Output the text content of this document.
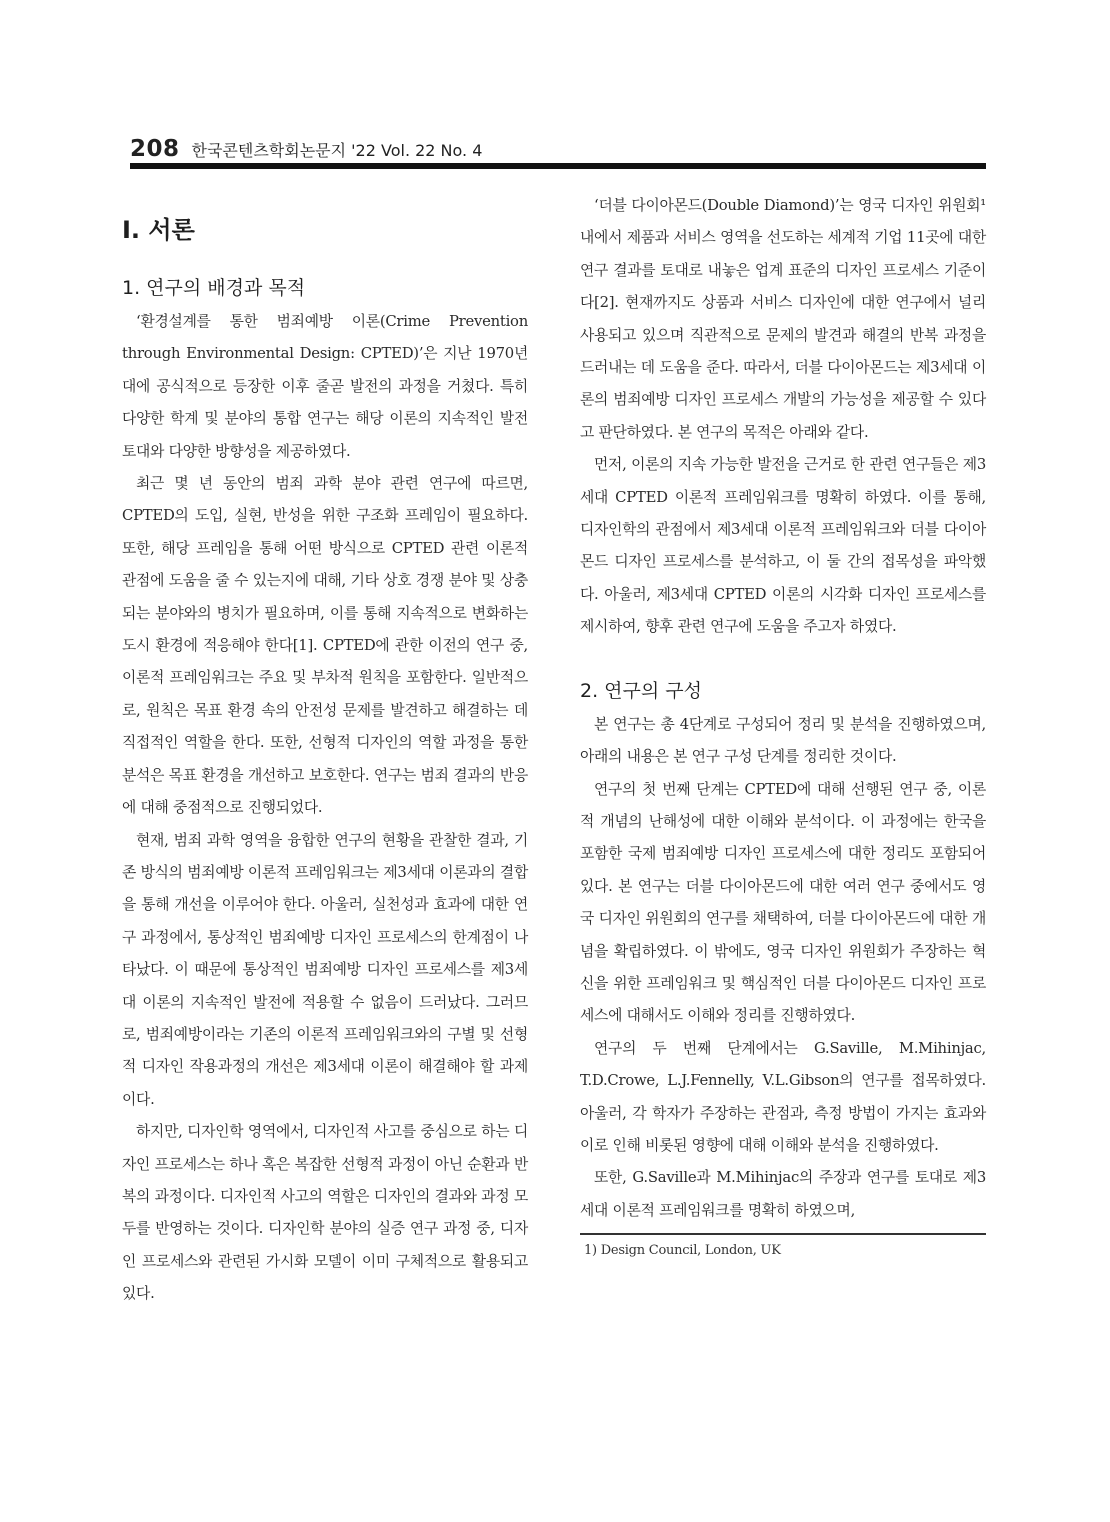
208 한국콘텐츠학회논문지 '22 Vol. 22 No. 4
I. 서론
1. 연구의 배경과 목적

‘환경설계를 통한 범죄예방 이론(Crime Prevention through Environmental Design: CPTED)’은 지난 1970년대에 공식적으로 등장한 이후 줄곧 발전의 과정을 거쳤다. 특히 다양한 학계 및 분야의 통합 연구는 해당 이론의 지속적인 발전 토대와 다양한 방향성을 제공하였다.

최근 몇 년 동안의 범죄 과학 분야 관련 연구에 따르면, CPTED의 도입, 실현, 반성을 위한 구조화 프레임이 필요하다. 또한, 해당 프레임을 통해 어떤 방식으로 CPTED 관련 이론적 관점에 도움을 줄 수 있는지에 대해, 기타 상호 경쟁 분야 및 상충되는 분야와의 병치가 필요하며, 이를 통해 지속적으로 변화하는 도시 환경에 적응해야 한다[1]. CPTED에 관한 이전의 연구 중, 이론적 프레임워크는 주요 및 부차적 원칙을 포함한다. 일반적으로, 원칙은 목표 환경 속의 안전성 문제를 발견하고 해결하는 데 직접적인 역할을 한다. 또한, 선형적 디자인의 역할 과정을 통한 분석은 목표 환경을 개선하고 보호한다. 연구는 범죄 결과의 반응에 대해 중점적으로 진행되었다.

현재, 범죄 과학 영역을 융합한 연구의 현황을 관찰한 결과, 기존 방식의 범죄예방 이론적 프레임워크는 제3세대 이론과의 결합을 통해 개선을 이루어야 한다. 아울러, 실천성과 효과에 대한 연구 과정에서, 통상적인 범죄예방 디자인 프로세스의 한계점이 나타났다. 이 때문에 통상적인 범죄예방 디자인 프로세스를 제3세대 이론의 지속적인 발전에 적용할 수 없음이 드러났다. 그러므로, 범죄예방이라는 기존의 이론적 프레임워크와의 구별 및 선형적 디자인 작용과정의 개선은 제3세대 이론이 해결해야 할 과제이다.

하지만, 디자인학 영역에서, 디자인적 사고를 중심으로 하는 디자인 프로세스는 하나 혹은 복잡한 선형적 과정이 아닌 순환과 반복의 과정이다. 디자인적 사고의 역할은 디자인의 결과와 과정 모두를 반영하는 것이다. 디자인학 분야의 실증 연구 과정 중, 디자인 프로세스와 관련된 가시화 모델이 이미 구체적으로 활용되고 있다.

‘더블 다이아몬드(Double Diamond)’는 영국 디자인 위원회¹ 내에서 제품과 서비스 영역을 선도하는 세계적 기업 11곳에 대한 연구 결과를 토대로 내놓은 업계 표준의 디자인 프로세스 기준이다[2]. 현재까지도 상품과 서비스 디자인에 대한 연구에서 널리 사용되고 있으며 직관적으로 문제의 발견과 해결의 반복 과정을 드러내는 데 도움을 준다. 따라서, 더블 다이아몬드는 제3세대 이론의 범죄예방 디자인 프로세스 개발의 가능성을 제공할 수 있다고 판단하였다. 본 연구의 목적은 아래와 같다.

먼저, 이론의 지속 가능한 발전을 근거로 한 관련 연구들은 제3세대 CPTED 이론적 프레임워크를 명확히 하였다. 이를 통해, 디자인학의 관점에서 제3세대 이론적 프레임워크와 더블 다이아몬드 디자인 프로세스를 분석하고, 이 둘 간의 접목성을 파악했다. 아울러, 제3세대 CPTED 이론의 시각화 디자인 프로세스를 제시하여, 향후 관련 연구에 도움을 주고자 하였다.

2. 연구의 구성

본 연구는 총 4단계로 구성되어 정리 및 분석을 진행하였으며, 아래의 내용은 본 연구 구성 단계를 정리한 것이다.

연구의 첫 번째 단계는 CPTED에 대해 선행된 연구 중, 이론적 개념의 난해성에 대한 이해와 분석이다. 이 과정에는 한국을 포함한 국제 범죄예방 디자인 프로세스에 대한 정리도 포함되어 있다. 본 연구는 더블 다이아몬드에 대한 여러 연구 중에서도 영국 디자인 위원회의 연구를 채택하여, 더블 다이아몬드에 대한 개념을 확립하였다. 이 밖에도, 영국 디자인 위원회가 주장하는 혁신을 위한 프레임워크 및 핵심적인 더블 다이아몬드 디자인 프로세스에 대해서도 이해와 정리를 진행하였다.

연구의 두 번째 단계에서는 G.Saville, M.Mihinjac, T.D.Crowe, L.J.Fennelly, V.L.Gibson의 연구를 접목하였다. 아울러, 각 학자가 주장하는 관점과, 측정 방법이 가지는 효과와 이로 인해 비롯된 영향에 대해 이해와 분석을 진행하였다.

또한, G.Saville과 M.Mihinjac의 주장과 연구를 토대로 제3세대 이론적 프레임워크를 명확히 하였으며,

1) Design Council, London, UK
